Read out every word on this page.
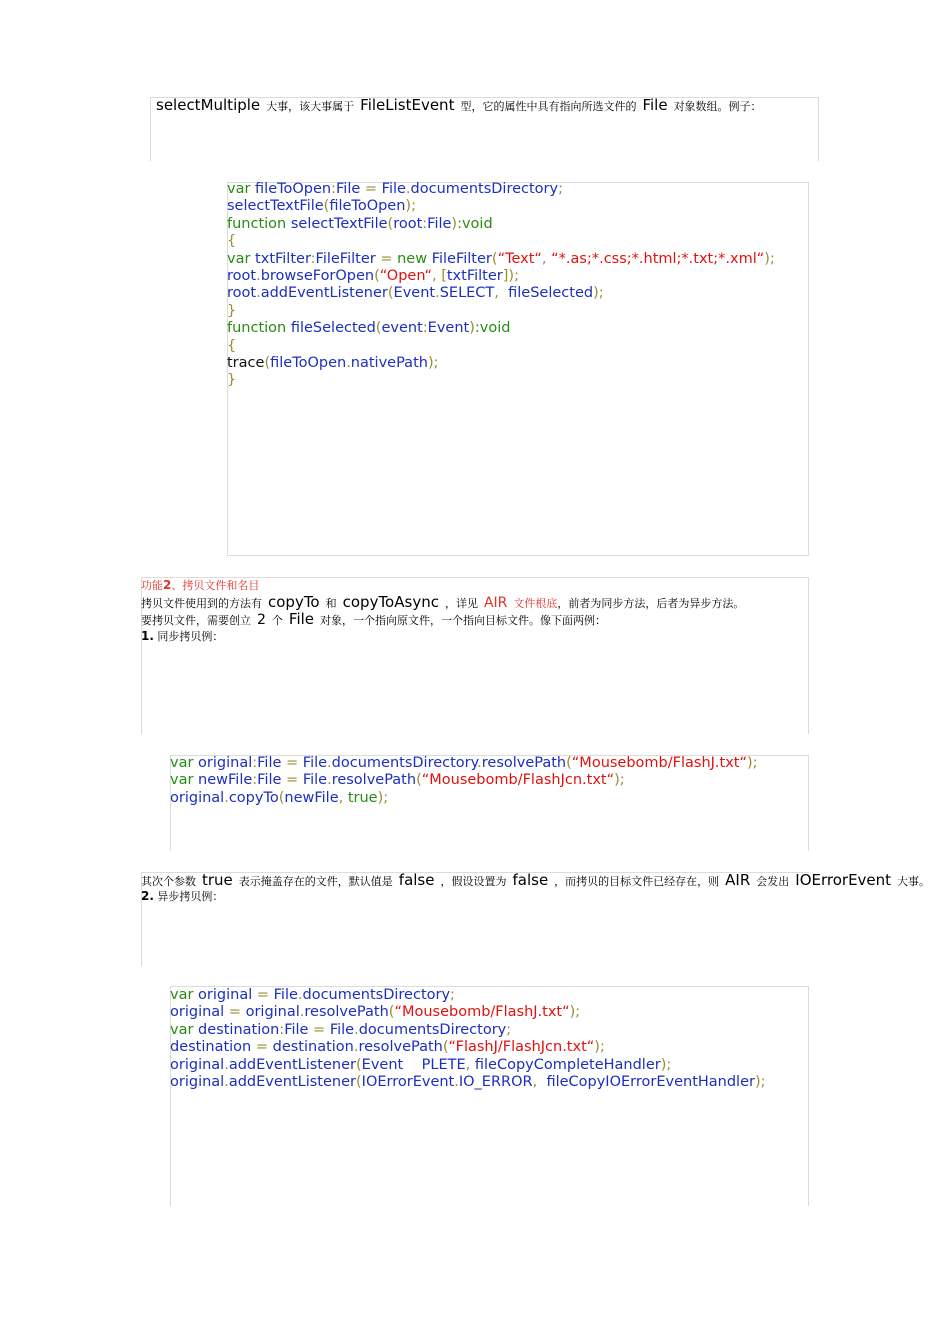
selectMultiple 大事，该大事属于 FileListEvent 型，它的属性中具有指向所选文件的 File 对象数组。例子：
var fileToOpen:File = File.documentsDirectory;
selectTextFile(fileToOpen);
function selectTextFile(root:File):void
{
var txtFilter:FileFilter = new FileFilter(“Text“, “*.as;*.css;*.html;*.txt;*.xml“);
root.browseForOpen(“Open“, [txtFilter]);
root.addEventListener(Event.SELECT,  fileSelected);
}
function fileSelected(event:Event):void
{
trace(fileToOpen.nativePath);
}
功能2、拷贝文件和名目
拷贝文件使用到的方法有 copyTo 和 copyToAsync ，详见 AIR 文件根底，前者为同步方法，后者为异步方法。
要拷贝文件，需要创立 2 个 File 对象，一个指向原文件，一个指向目标文件。像下面两例：
1. 同步拷贝例：
var original:File = File.documentsDirectory.resolvePath(“Mousebomb/FlashJ.txt“);
var newFile:File = File.resolvePath(“Mousebomb/FlashJcn.txt“);
original.copyTo(newFile, true);
其次个参数 true 表示掩盖存在的文件，默认值是 false ，假设设置为 false ，而拷贝的目标文件已经存在，则 AIR 会发出 IOErrorEvent 大事。
2. 异步拷贝例：
var original = File.documentsDirectory;
original = original.resolvePath(“Mousebomb/FlashJ.txt“);
var destination:File = File.documentsDirectory;
destination = destination.resolvePath(“FlashJ/FlashJcn.txt“);
original.addEventListener(Event    PLETE, fileCopyCompleteHandler);
original.addEventListener(IOErrorEvent.IO_ERROR,  fileCopyIOErrorEventHandler);
